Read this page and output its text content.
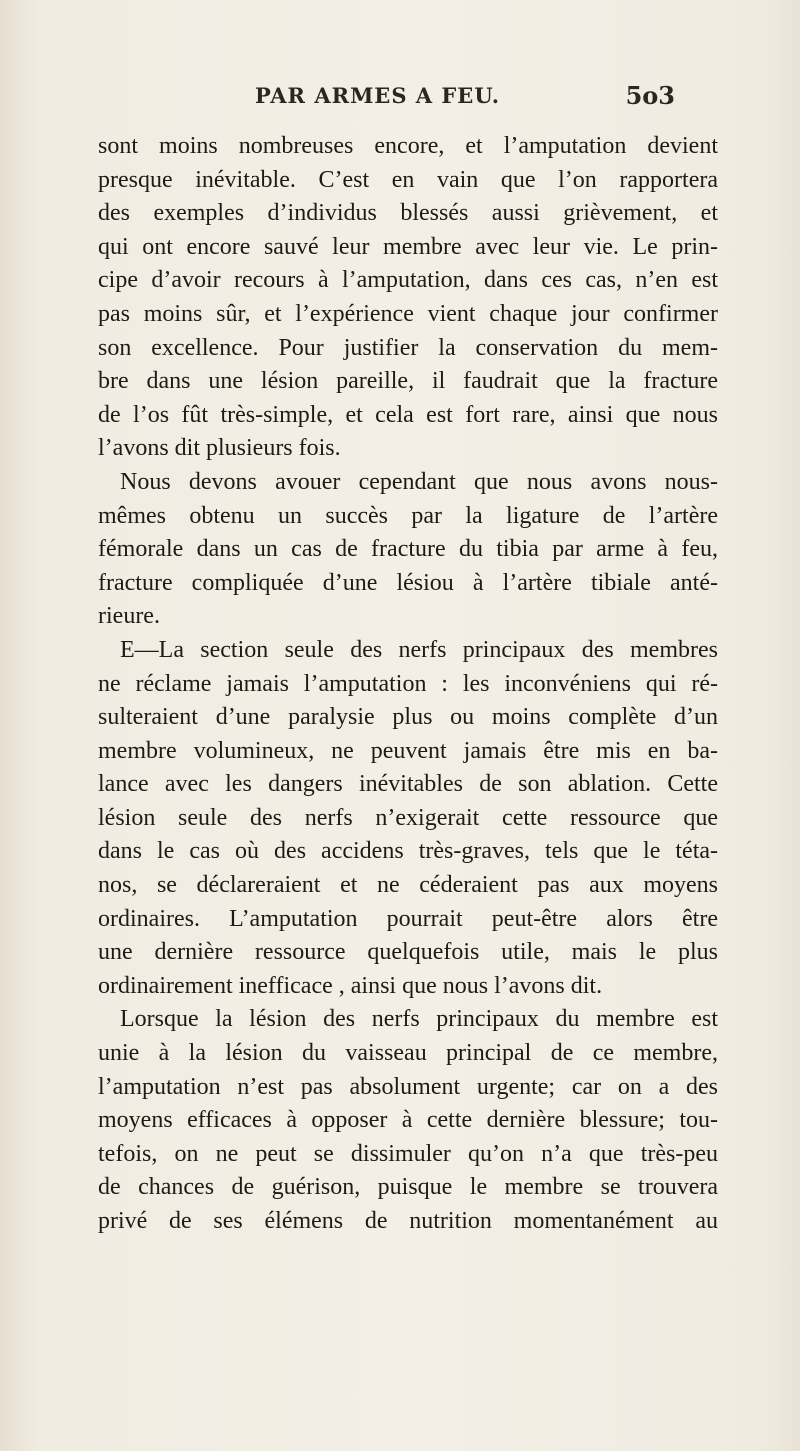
PAR ARMES A FEU.	5o3
sont moins nombreuses encore, et l’amputation devient
presque inévitable. C’est en vain que l’on rapportera
des exemples d’individus blessés aussi grièvement, et
qui ont encore sauvé leur membre avec leur vie. Le prin-
cipe d’avoir recours à l’amputation, dans ces cas, n’en est
pas moins sûr, et l’expérience vient chaque jour confirmer
son excellence. Pour justifier la conservation du mem-
bre dans une lésion pareille, il faudrait que la fracture
de l’os fût très-simple, et cela est fort rare, ainsi que nous
l’avons dit plusieurs fois.
Nous devons avouer cependant que nous avons nous-
mêmes obtenu un succès par la ligature de l’artère
fémorale dans un cas de fracture du tibia par arme à feu,
fracture compliquée d’une lésiou à l’artère tibiale anté-
rieure.
E—La section seule des nerfs principaux des membres
ne réclame jamais l’amputation : les inconvéniens qui ré-
sulteraient d’une paralysie plus ou moins complète d’un
membre volumineux, ne peuvent jamais être mis en ba-
lance avec les dangers inévitables de son ablation. Cette
lésion seule des nerfs n’exigerait cette ressource que
dans le cas où des accidens très-graves, tels que le téta-
nos, se déclareraient et ne céderaient pas aux moyens
ordinaires. L’amputation pourrait peut-être alors être
une dernière ressource quelquefois utile, mais le plus
ordinairement inefficace , ainsi que nous l’avons dit.
Lorsque la lésion des nerfs principaux du membre est
unie à la lésion du vaisseau principal de ce membre,
l’amputation n’est pas absolument urgente; car on a des
moyens efficaces à opposer à cette dernière blessure; tou-
tefois, on ne peut se dissimuler qu’on n’a que très-peu
de chances de guérison, puisque le membre se trouvera
privé de ses élémens de nutrition momentanément au
